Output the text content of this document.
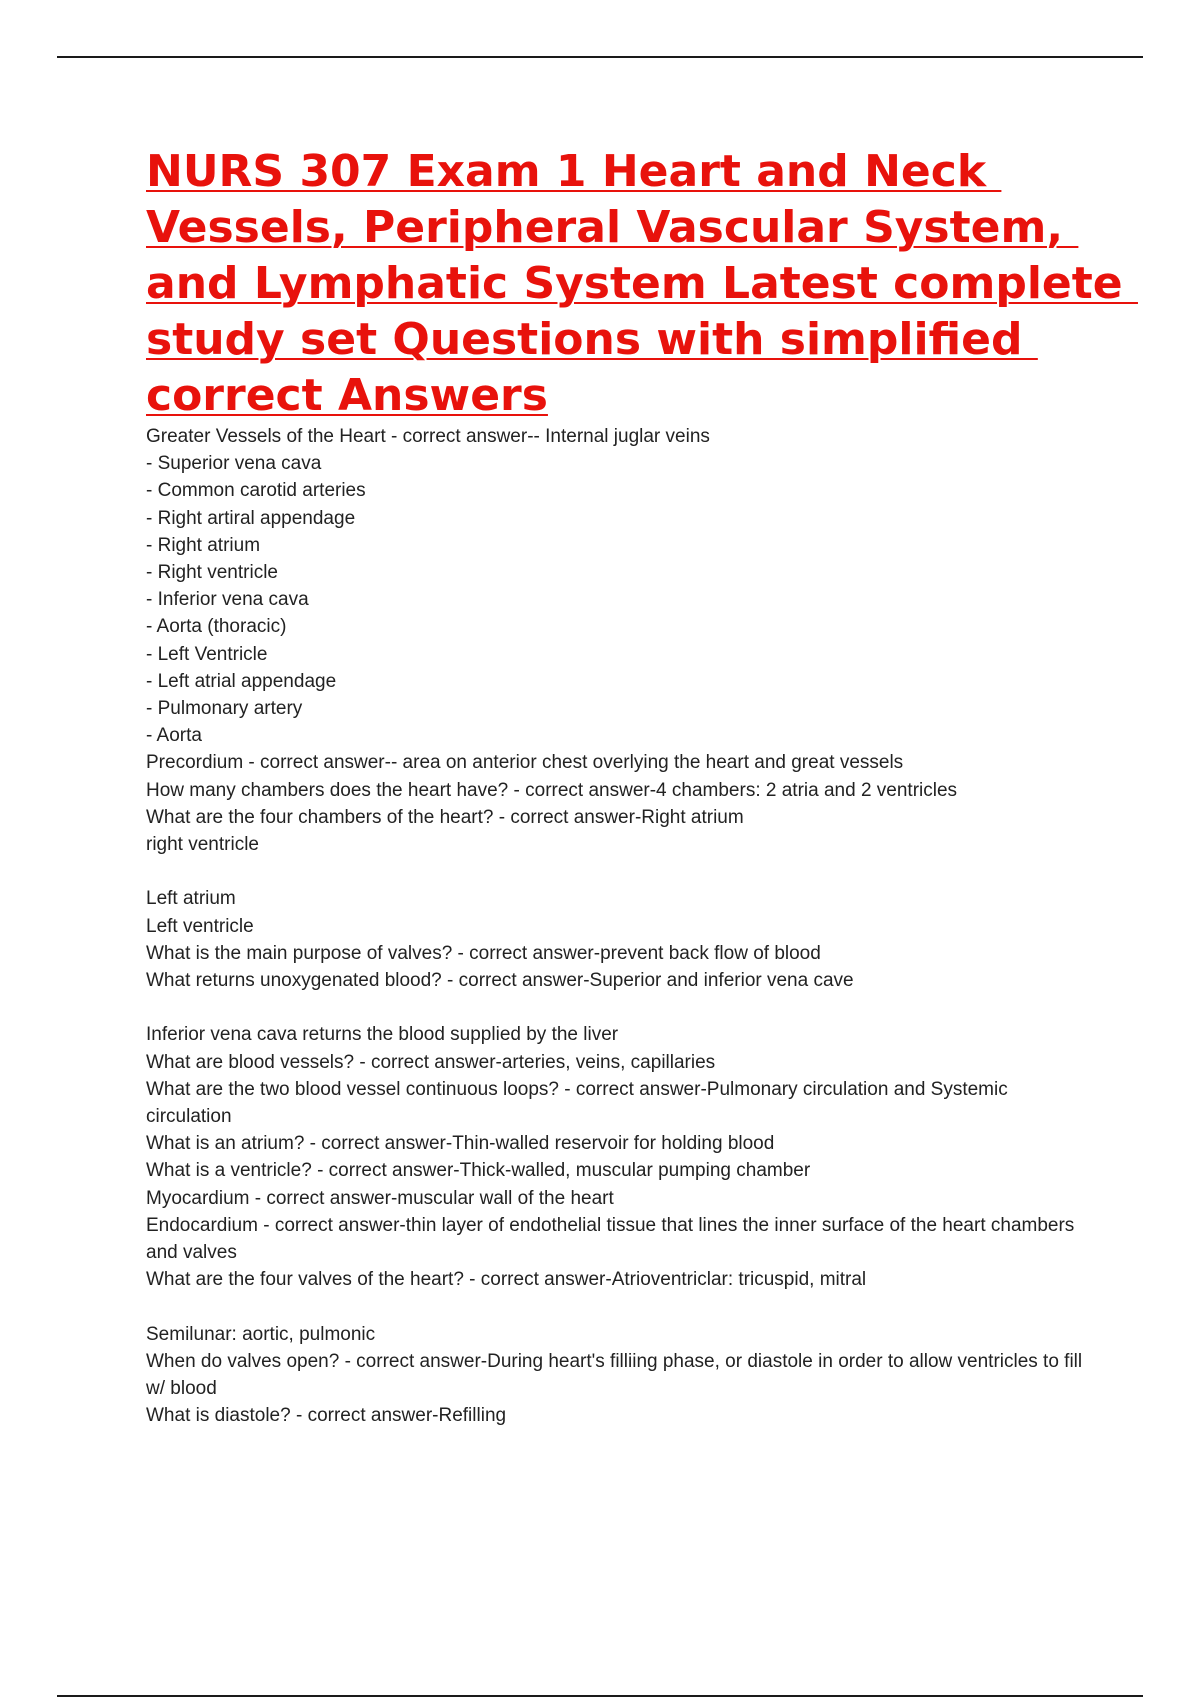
NURS 307 Exam 1 Heart and Neck
Vessels, Peripheral Vascular System,
and Lymphatic System Latest complete
study set Questions with simplified
correct Answers
Greater Vessels of the Heart - correct answer-- Internal juglar veins
- Superior vena cava
- Common carotid arteries
- Right artiral appendage
- Right atrium
- Right ventricle
- Inferior vena cava
- Aorta (thoracic)
- Left Ventricle
- Left atrial appendage
- Pulmonary artery
- Aorta
Precordium - correct answer-- area on anterior chest overlying the heart and great vessels
How many chambers does the heart have? - correct answer-4 chambers: 2 atria and 2 ventricles
What are the four chambers of the heart? - correct answer-Right atrium
right ventricle
Left atrium
Left ventricle
What is the main purpose of valves? - correct answer-prevent back flow of blood
What returns unoxygenated blood? - correct answer-Superior and inferior vena cave
Inferior vena cava returns the blood supplied by the liver
What are blood vessels? - correct answer-arteries, veins, capillaries
What are the two blood vessel continuous loops? - correct answer-Pulmonary circulation and Systemic circulation
What is an atrium? - correct answer-Thin-walled reservoir for holding blood
What is a ventricle? - correct answer-Thick-walled, muscular pumping chamber
Myocardium - correct answer-muscular wall of the heart
Endocardium - correct answer-thin layer of endothelial tissue that lines the inner surface of the heart chambers and valves
What are the four valves of the heart? - correct answer-Atrioventriclar: tricuspid, mitral
Semilunar: aortic, pulmonic
When do valves open? - correct answer-During heart's filliing phase, or diastole in order to allow ventricles to fill w/ blood
What is diastole? - correct answer-Refilling
